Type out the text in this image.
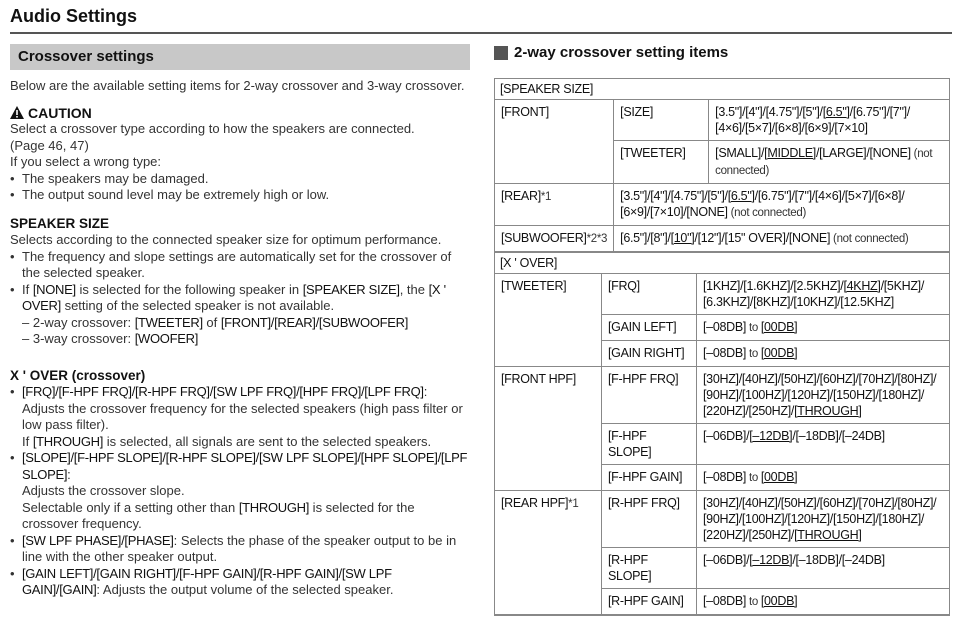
Audio Settings
Crossover settings

Below are the available setting items for 2-way crossover and 3-way crossover.

CAUTION
Select a crossover type according to how the speakers are connected.
(Page 46, 47)
If you select a wrong type:
• The speakers may be damaged.
• The output sound level may be extremely high or low.
SPEAKER SIZE
Selects according to the connected speaker size for optimum performance.
• The frequency and slope settings are automatically set for the crossover of the selected speaker.
• If [NONE] is selected for the following speaker in [SPEAKER SIZE], the [X ' OVER] setting of the selected speaker is not available.
– 2-way crossover: [TWEETER] of [FRONT]/[REAR]/[SUBWOOFER]
– 3-way crossover: [WOOFER]
X ' OVER (crossover)
• [FRQ]/[F-HPF FRQ]/[R-HPF FRQ]/[SW LPF FRQ]/[HPF FRQ]/[LPF FRQ]: Adjusts the crossover frequency for the selected speakers (high pass filter or low pass filter).
If [THROUGH] is selected, all signals are sent to the selected speakers.
• [SLOPE]/[F-HPF SLOPE]/[R-HPF SLOPE]/[SW LPF SLOPE]/[HPF SLOPE]/[LPF SLOPE]:
Adjusts the crossover slope.
Selectable only if a setting other than [THROUGH] is selected for the crossover frequency.
• [SW LPF PHASE]/[PHASE]: Selects the phase of the speaker output to be in line with the other speaker output.
• [GAIN LEFT]/[GAIN RIGHT]/[F-HPF GAIN]/[R-HPF GAIN]/[SW LPF GAIN]/[GAIN]: Adjusts the output volume of the selected speaker.
2-way crossover setting items
[SPEAKER SIZE]
[FRONT]	[SIZE]	[3.5"]/[4"]/[4.75"]/[5"]/[6.5"]/[6.75"]/[7"]/ [4×6]/[5×7]/[6×8]/[6×9]/[7×10]
[TWEETER]	[SMALL]/[MIDDLE]/[LARGE]/[NONE] (not connected)
[REAR]*1	[3.5"]/[4"]/[4.75"]/[5"]/[6.5"]/[6.75"]/[7"]/[4×6]/[5×7]/[6×8]/ [6×9]/[7×10]/[NONE] (not connected)
[SUBWOOFER]*2*3	[6.5"]/[8"]/[10"]/[12"]/[15" OVER]/[NONE] (not connected)

[X ' OVER]
[TWEETER]	[FRQ]	[1KHZ]/[1.6KHZ]/[2.5KHZ]/[4KHZ]/[5KHZ]/ [6.3KHZ]/[8KHZ]/[10KHZ]/[12.5KHZ]
[GAIN LEFT]	[–08DB] to [00DB]
[GAIN RIGHT]	[–08DB] to [00DB]
[FRONT HPF]	[F-HPF FRQ]	[30HZ]/[40HZ]/[50HZ]/[60HZ]/[70HZ]/[80HZ]/ [90HZ]/[100HZ]/[120HZ]/[150HZ]/[180HZ]/ [220HZ]/[250HZ]/[THROUGH]
[F-HPF SLOPE]	[–06DB]/[–12DB]/[–18DB]/[–24DB]
[F-HPF GAIN]	[–08DB] to [00DB]
[REAR HPF]*1	[R-HPF FRQ]	[30HZ]/[40HZ]/[50HZ]/[60HZ]/[70HZ]/[80HZ]/ [90HZ]/[100HZ]/[120HZ]/[150HZ]/[180HZ]/ [220HZ]/[250HZ]/[THROUGH]
[R-HPF SLOPE]	[–06DB]/[–12DB]/[–18DB]/[–24DB]
[R-HPF GAIN]	[–08DB] to [00DB]
